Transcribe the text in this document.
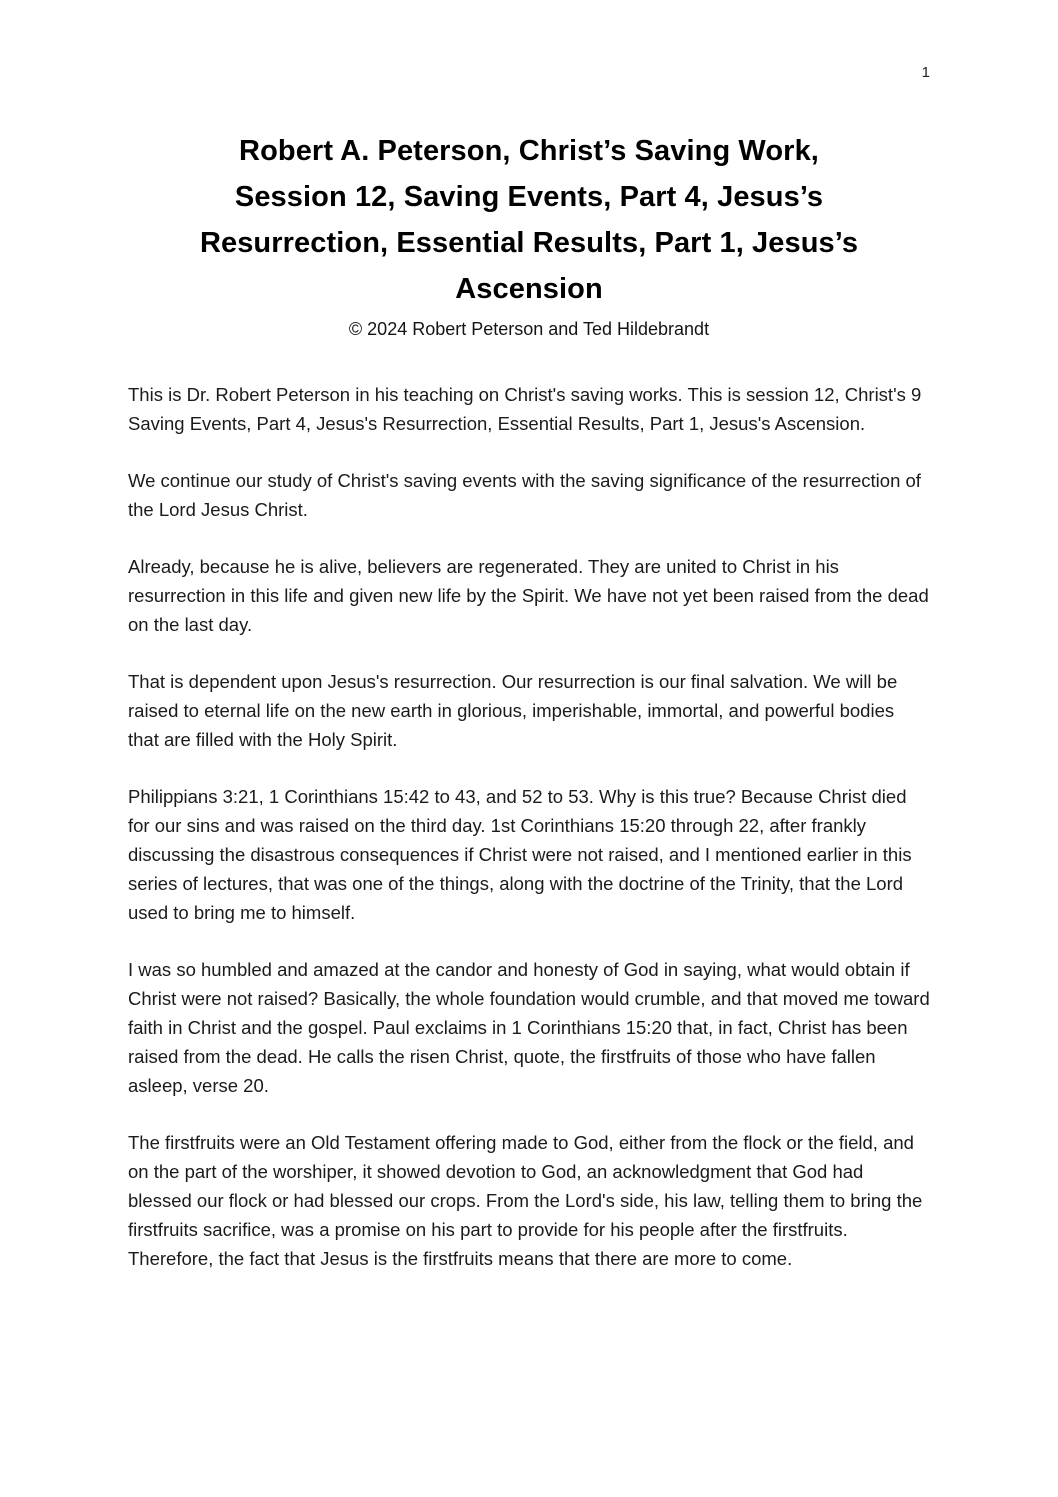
1
Robert A. Peterson, Christ’s Saving Work,
Session 12, Saving Events, Part 4, Jesus’s
Resurrection, Essential Results, Part 1, Jesus’s
Ascension
© 2024 Robert Peterson and Ted Hildebrandt

This is Dr. Robert Peterson in his teaching on Christ's saving works. This is session 12, Christ's 9 Saving Events, Part 4, Jesus's Resurrection, Essential Results, Part 1, Jesus's Ascension.

We continue our study of Christ's saving events with the saving significance of the resurrection of the Lord Jesus Christ.

Already, because he is alive, believers are regenerated. They are united to Christ in his resurrection in this life and given new life by the Spirit. We have not yet been raised from the dead on the last day.

That is dependent upon Jesus's resurrection. Our resurrection is our final salvation. We will be raised to eternal life on the new earth in glorious, imperishable, immortal, and powerful bodies that are filled with the Holy Spirit.

Philippians 3:21, 1 Corinthians 15:42 to 43, and 52 to 53. Why is this true? Because Christ died for our sins and was raised on the third day. 1st Corinthians 15:20 through 22, after frankly discussing the disastrous consequences if Christ were not raised, and I mentioned earlier in this series of lectures, that was one of the things, along with the doctrine of the Trinity, that the Lord used to bring me to himself.

I was so humbled and amazed at the candor and honesty of God in saying, what would obtain if Christ were not raised? Basically, the whole foundation would crumble, and that moved me toward faith in Christ and the gospel. Paul exclaims in 1 Corinthians 15:20 that, in fact, Christ has been raised from the dead. He calls the risen Christ, quote, the firstfruits of those who have fallen asleep, verse 20.

The firstfruits were an Old Testament offering made to God, either from the flock or the field, and on the part of the worshiper, it showed devotion to God, an acknowledgment that God had blessed our flock or had blessed our crops. From the Lord's side, his law, telling them to bring the firstfruits sacrifice, was a promise on his part to provide for his people after the firstfruits. Therefore, the fact that Jesus is the firstfruits means that there are more to come.
